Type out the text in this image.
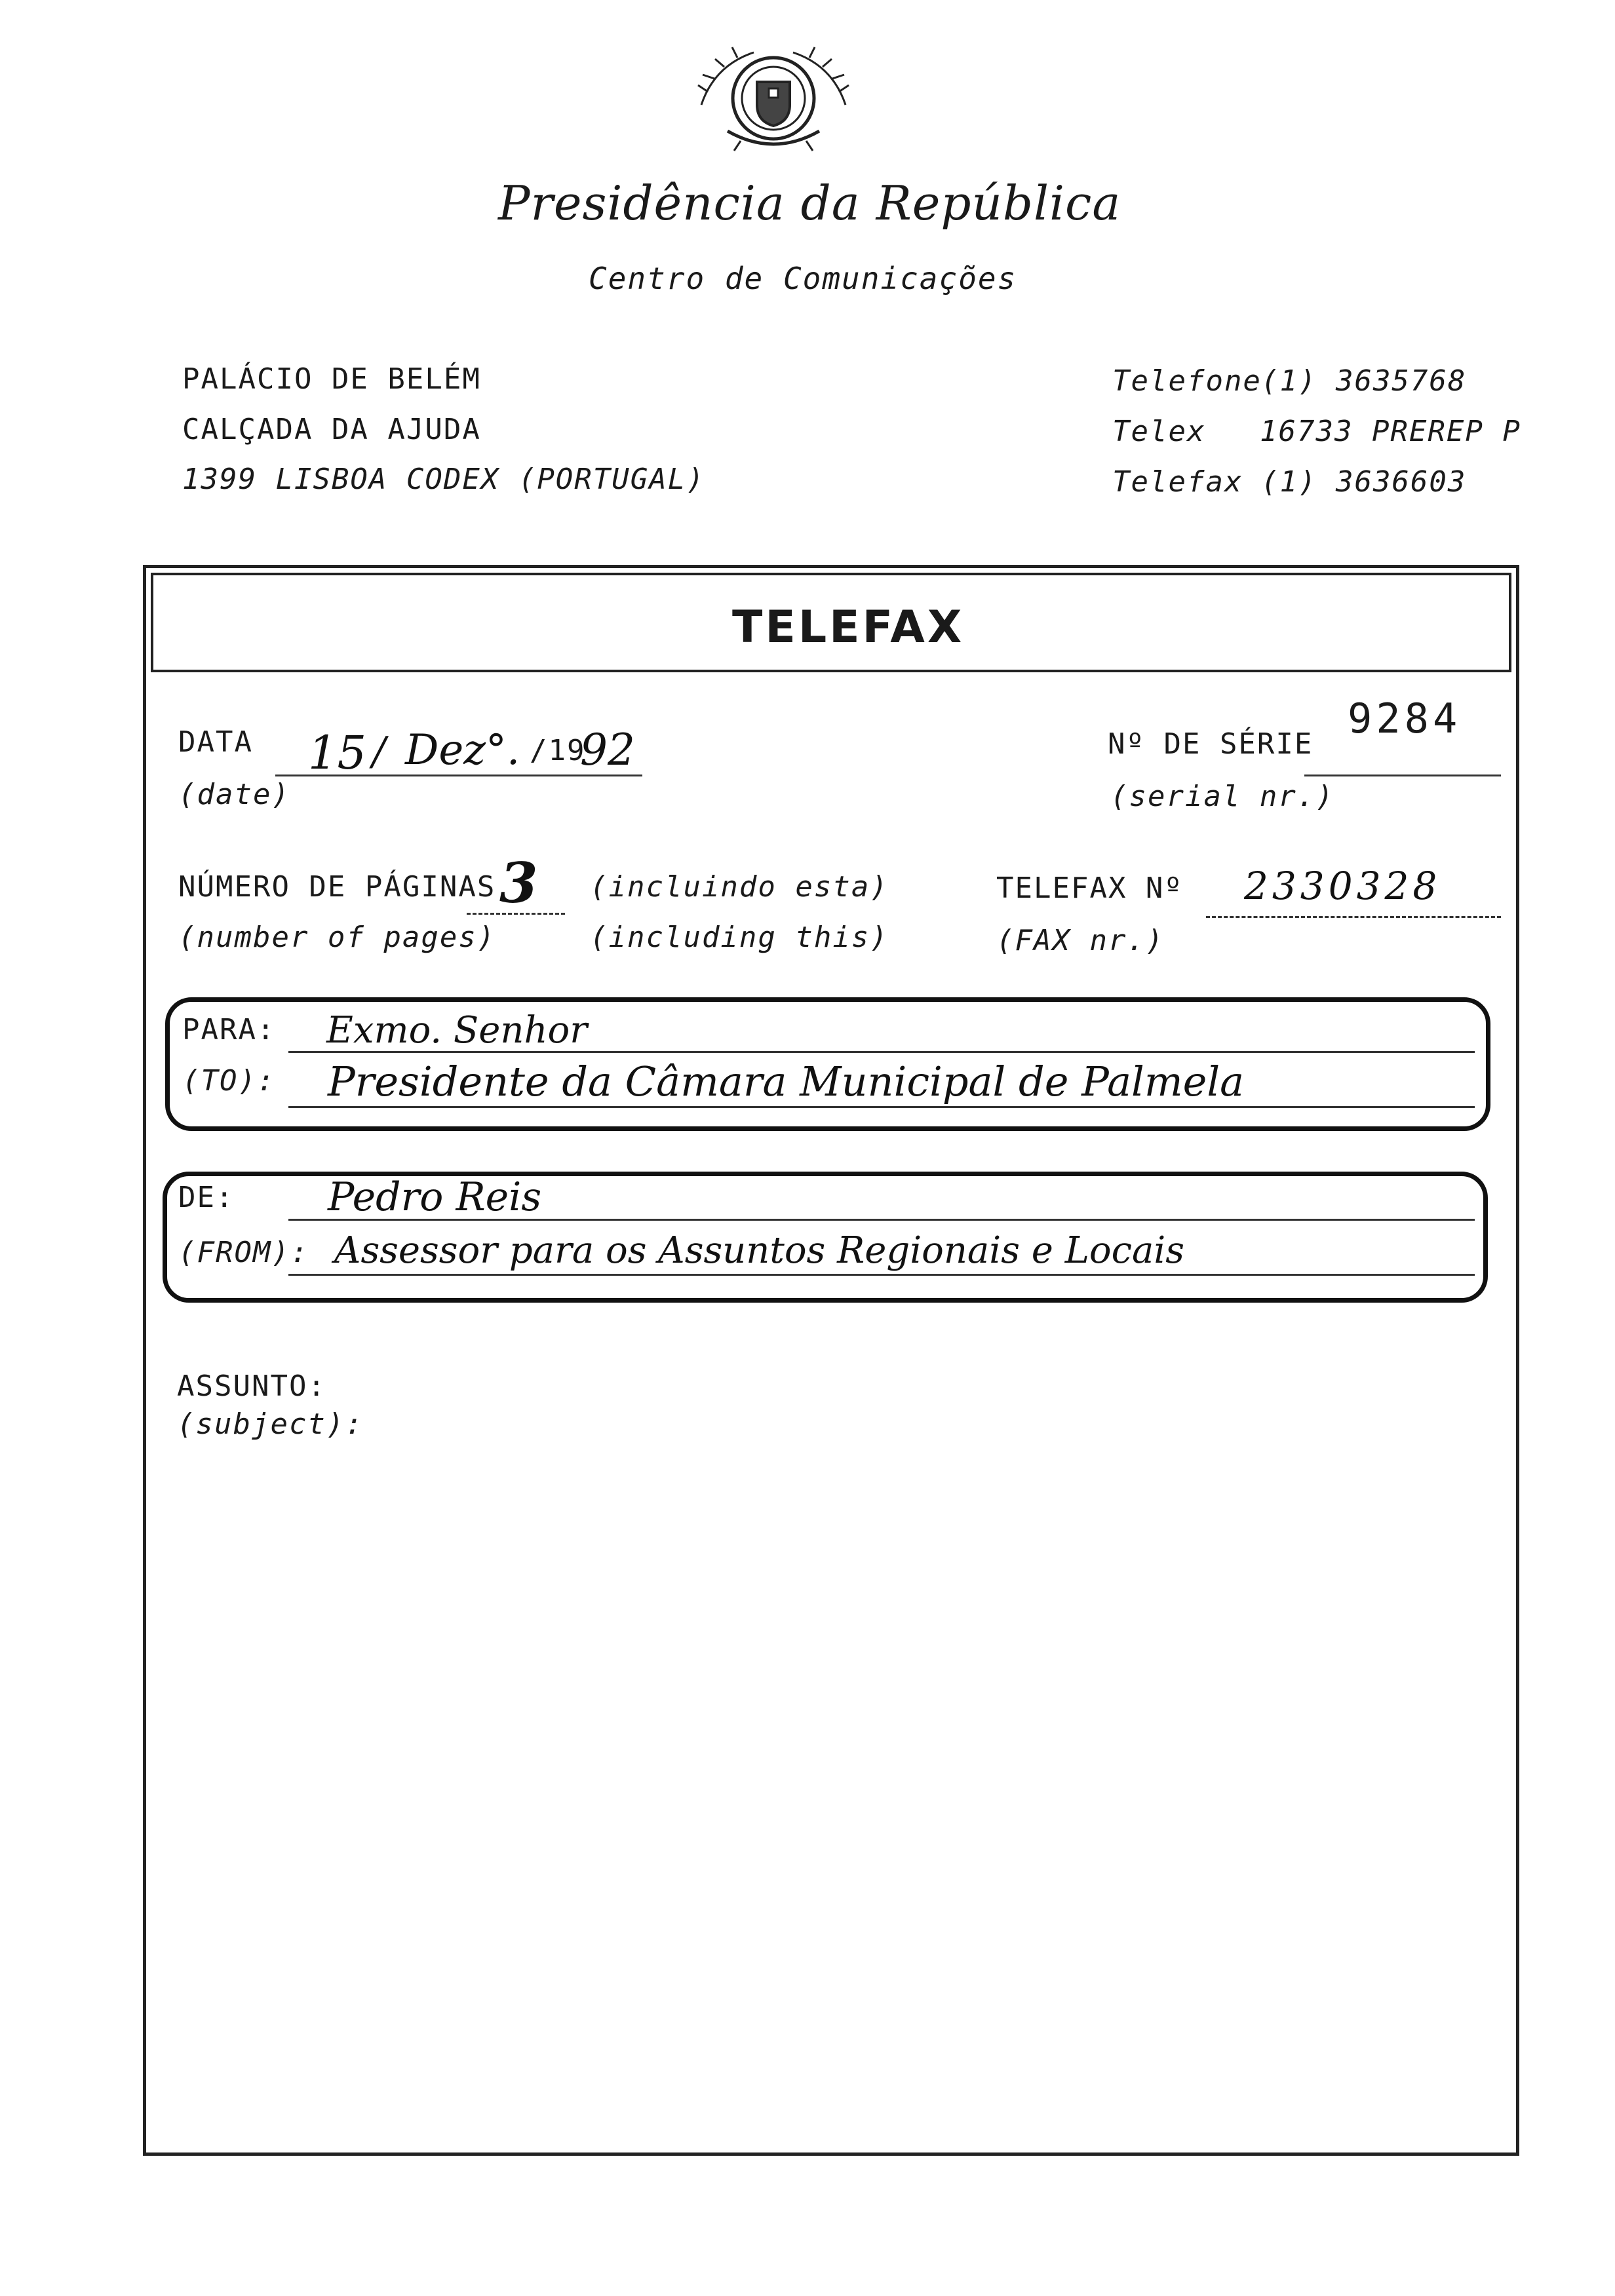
Presidência da República
Centro de Comunicações
PALÁCIO DE BELÉM
CALÇADA DA AJUDA
1399 LISBOA CODEX (PORTUGAL)
Telefone (1) 3635768
Telex 16733 PREREP P
Telefax (1) 3636603
TELEFAX
DATA
(date)
15 / Dez°. /19
92	Nº DE SÉRIE
(serial nr.)
9284
NÚMERO DE PÁGINAS
(number of pages)
3 (incluindo esta)
(including this)
TELEFAX Nº
(FAX nr.)
2330328
PARA:
(TO):
Exmo. Senhor
Presidente da Câmara Municipal de Palmela
DE:
(FROM):
Pedro Reis
Assessor para os Assuntos Regionais e Locais
ASSUNTO:
(subject):
